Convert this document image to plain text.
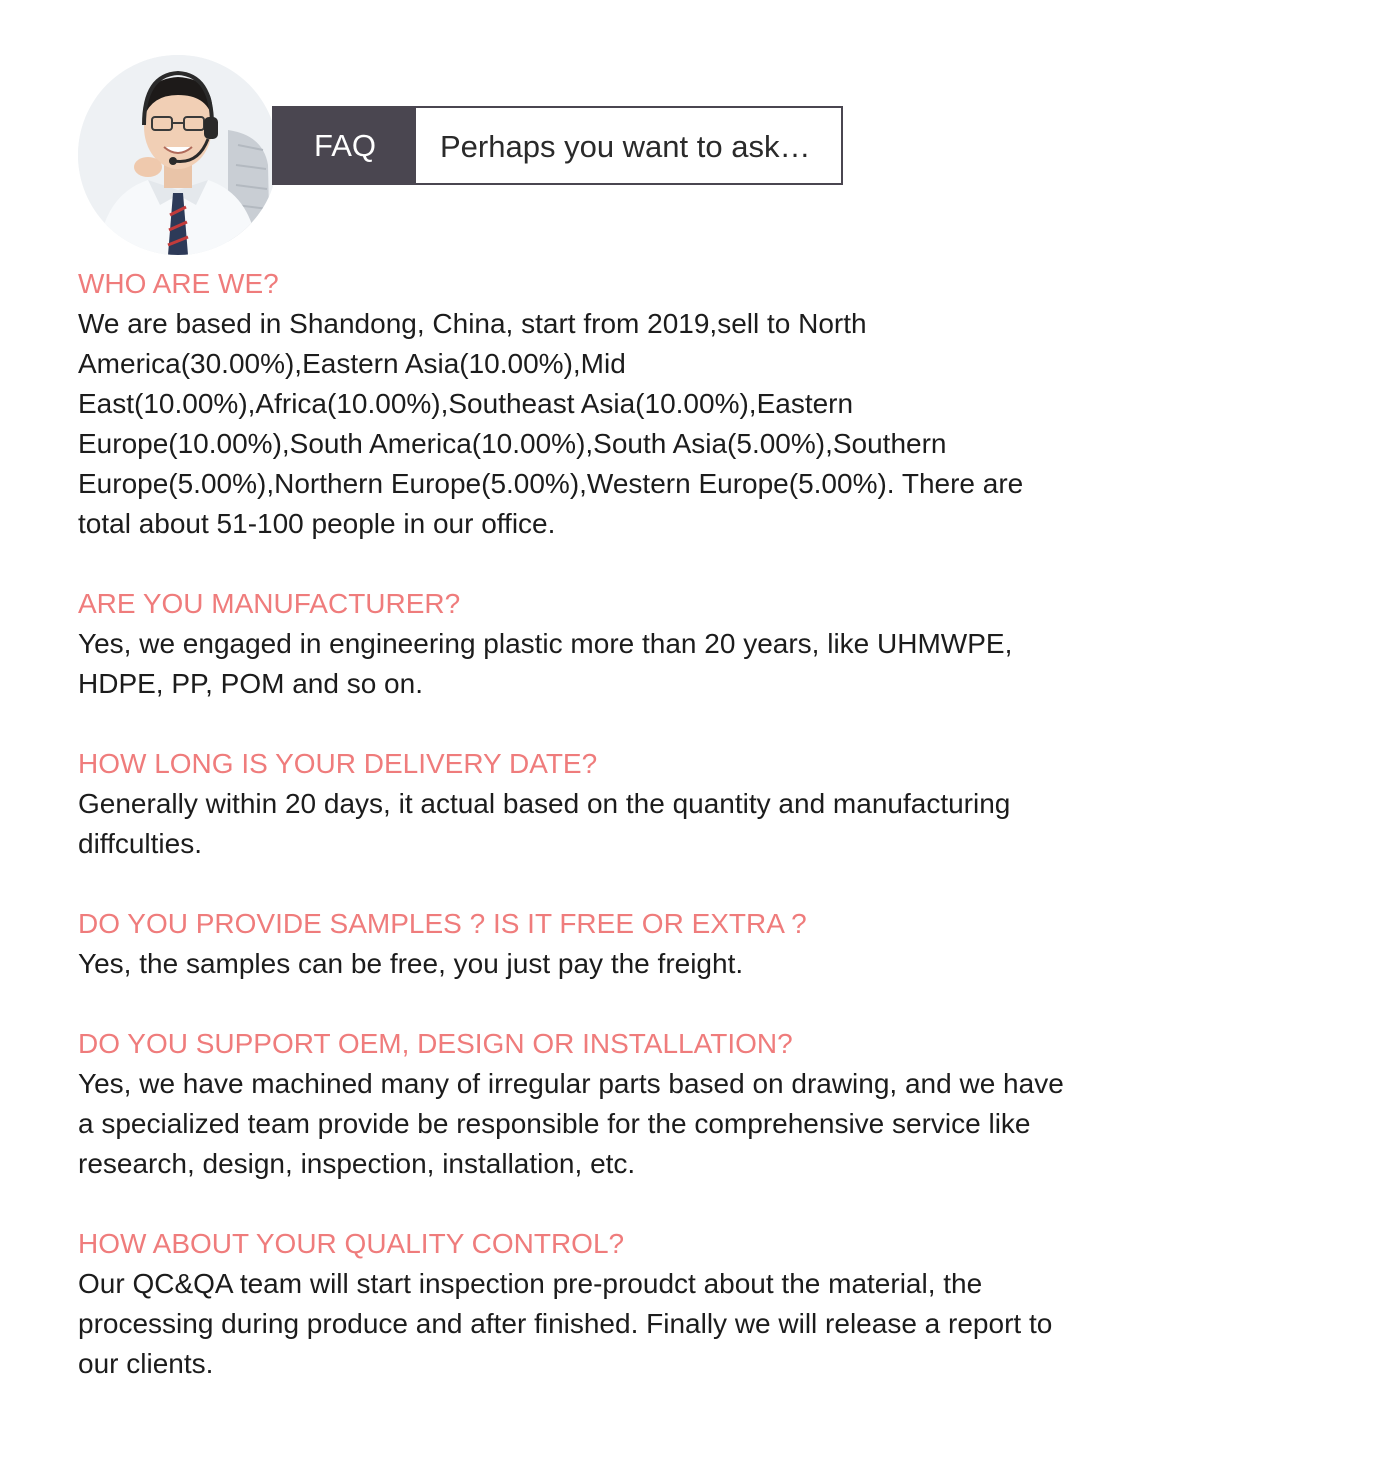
FAQ	Perhaps you want to ask…
WHO ARE WE?

We are based in Shandong, China, start from 2019,sell to North
America(30.00%),Eastern Asia(10.00%),Mid
East(10.00%),Africa(10.00%),Southeast Asia(10.00%),Eastern
Europe(10.00%),South America(10.00%),South Asia(5.00%),Southern
Europe(5.00%),Northern Europe(5.00%),Western Europe(5.00%). There are
total about 51-100 people in our office.

ARE YOU MANUFACTURER?

Yes, we engaged in engineering plastic more than 20 years, like UHMWPE,
HDPE, PP, POM and so on.

HOW LONG IS YOUR DELIVERY DATE?

Generally within 20 days, it actual based on the quantity and manufacturing
diffculties.

DO YOU PROVIDE SAMPLES ? IS IT FREE OR EXTRA ?

Yes, the samples can be free, you just pay the freight.

DO YOU SUPPORT OEM, DESIGN OR INSTALLATION?

Yes, we have machined many of irregular parts based on drawing, and we have
a specialized team provide be responsible for the comprehensive service like
research, design, inspection, installation, etc.

HOW ABOUT YOUR QUALITY CONTROL?

Our QC&QA team will start inspection pre-proudct about the material, the
processing during produce and after finished. Finally we will release a report to
our clients.
